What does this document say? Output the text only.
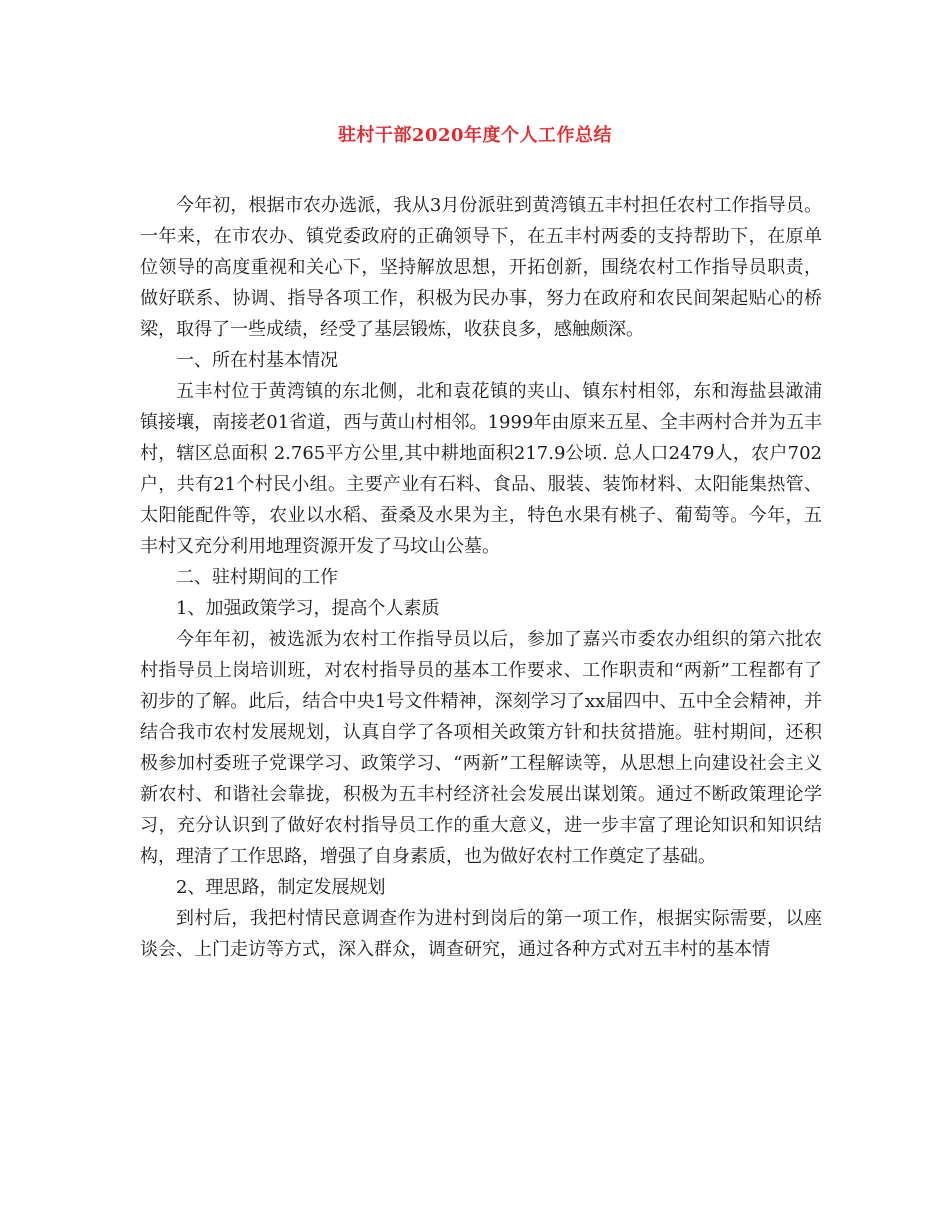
驻村干部2020年度个人工作总结

今年初，根据市农办选派，我从3月份派驻到黄湾镇五丰村担任农村工作指导员。一年来，在市农办、镇党委政府的正确领导下，在五丰村两委的支持帮助下，在原单位领导的高度重视和关心下，坚持解放思想，开拓创新，围绕农村工作指导员职责，做好联系、协调、指导各项工作，积极为民办事，努力在政府和农民间架起贴心的桥梁，取得了一些成绩，经受了基层锻炼，收获良多，感触颇深。

一、所在村基本情况

五丰村位于黄湾镇的东北侧，北和袁花镇的夹山、镇东村相邻，东和海盐县澉浦镇接壤，南接老01省道，西与黄山村相邻。1999年由原来五星、全丰两村合并为五丰村，辖区总面积 2.765平方公里,其中耕地面积217.9公顷. 总人口2479人，农户702户，共有21个村民小组。主要产业有石料、食品、服装、装饰材料、太阳能集热管、太阳能配件等，农业以水稻、蚕桑及水果为主，特色水果有桃子、葡萄等。今年，五丰村又充分利用地理资源开发了马坟山公墓。

二、驻村期间的工作

1、加强政策学习，提高个人素质

今年年初，被选派为农村工作指导员以后，参加了嘉兴市委农办组织的第六批农村指导员上岗培训班，对农村指导员的基本工作要求、工作职责和“两新”工程都有了初步的了解。此后，结合中央1号文件精神，深刻学习了xx届四中、五中全会精神，并结合我市农村发展规划，认真自学了各项相关政策方针和扶贫措施。驻村期间，还积极参加村委班子党课学习、政策学习、“两新”工程解读等，从思想上向建设社会主义新农村、和谐社会靠拢，积极为五丰村经济社会发展出谋划策。通过不断政策理论学习，充分认识到了做好农村指导员工作的重大意义，进一步丰富了理论知识和知识结构，理清了工作思路，增强了自身素质，也为做好农村工作奠定了基础。

2、理思路，制定发展规划

到村后，我把村情民意调查作为进村到岗后的第一项工作，根据实际需要，以座谈会、上门走访等方式，深入群众，调查研究，通过各种方式对五丰村的基本情
